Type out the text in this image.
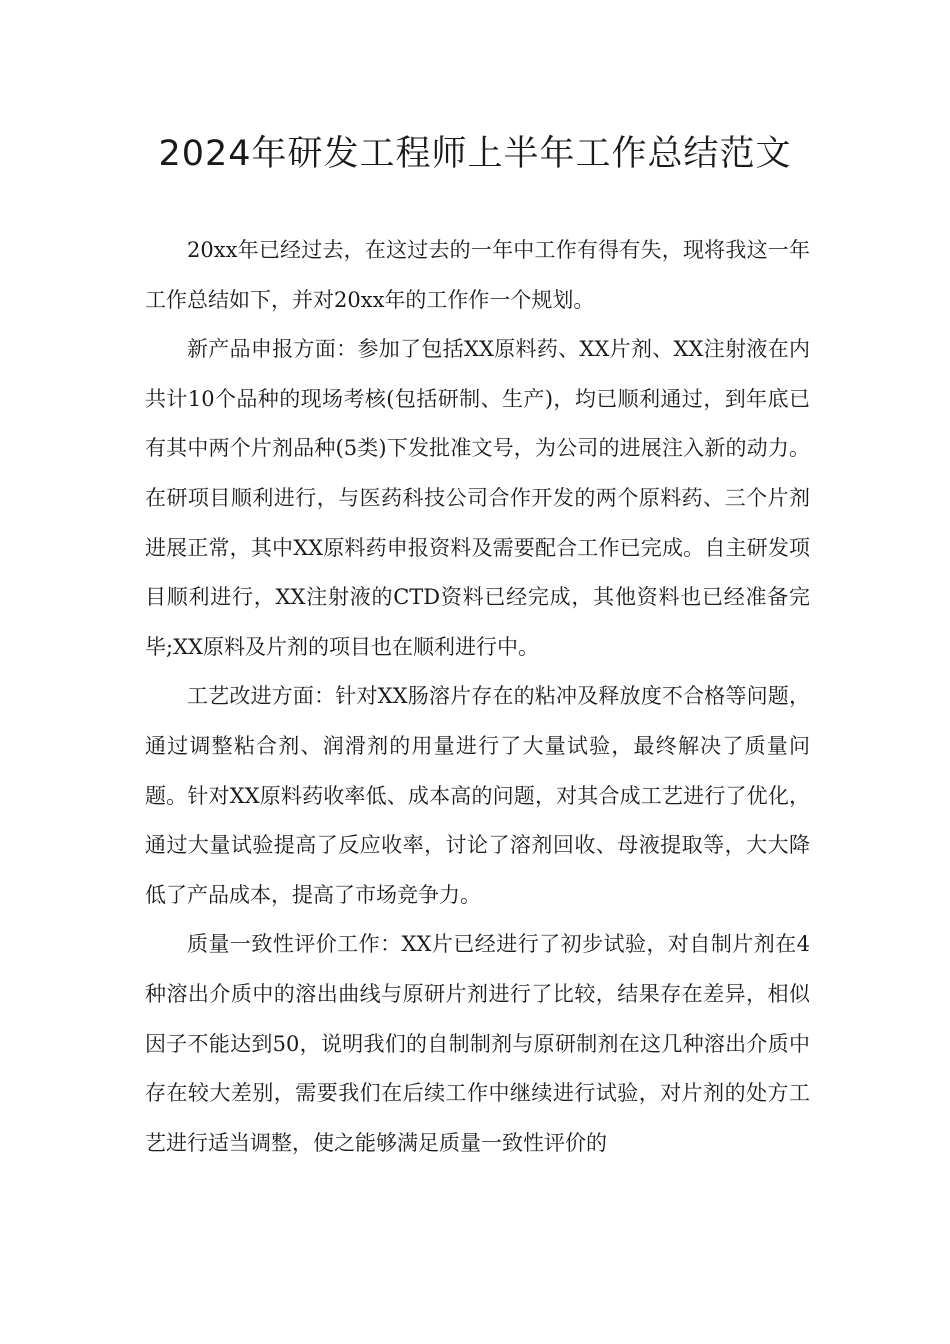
2024年研发工程师上半年工作总结范文

20xx年已经过去，在这过去的一年中工作有得有失，现将我这一年工作总结如下，并对20xx年的工作作一个规划。

新产品申报方面：参加了包括XX原料药、XX片剂、XX注射液在内共计10个品种的现场考核(包括研制、生产)，均已顺利通过，到年底已有其中两个片剂品种(5类)下发批准文号，为公司的进展注入新的动力。在研项目顺利进行，与医药科技公司合作开发的两个原料药、三个片剂进展正常，其中XX原料药申报资料及需要配合工作已完成。自主研发项目顺利进行，XX注射液的CTD资料已经完成，其他资料也已经准备完毕;XX原料及片剂的项目也在顺利进行中。

工艺改进方面：针对XX肠溶片存在的粘冲及释放度不合格等问题，通过调整粘合剂、润滑剂的用量进行了大量试验，最终解决了质量问题。针对XX原料药收率低、成本高的问题，对其合成工艺进行了优化，通过大量试验提高了反应收率，讨论了溶剂回收、母液提取等，大大降低了产品成本，提高了市场竞争力。

质量一致性评价工作：XX片已经进行了初步试验，对自制片剂在4种溶出介质中的溶出曲线与原研片剂进行了比较，结果存在差异，相似因子不能达到50，说明我们的自制制剂与原研制剂在这几种溶出介质中存在较大差别，需要我们在后续工作中继续进行试验，对片剂的处方工艺进行适当调整，使之能够满足质量一致性评价的
